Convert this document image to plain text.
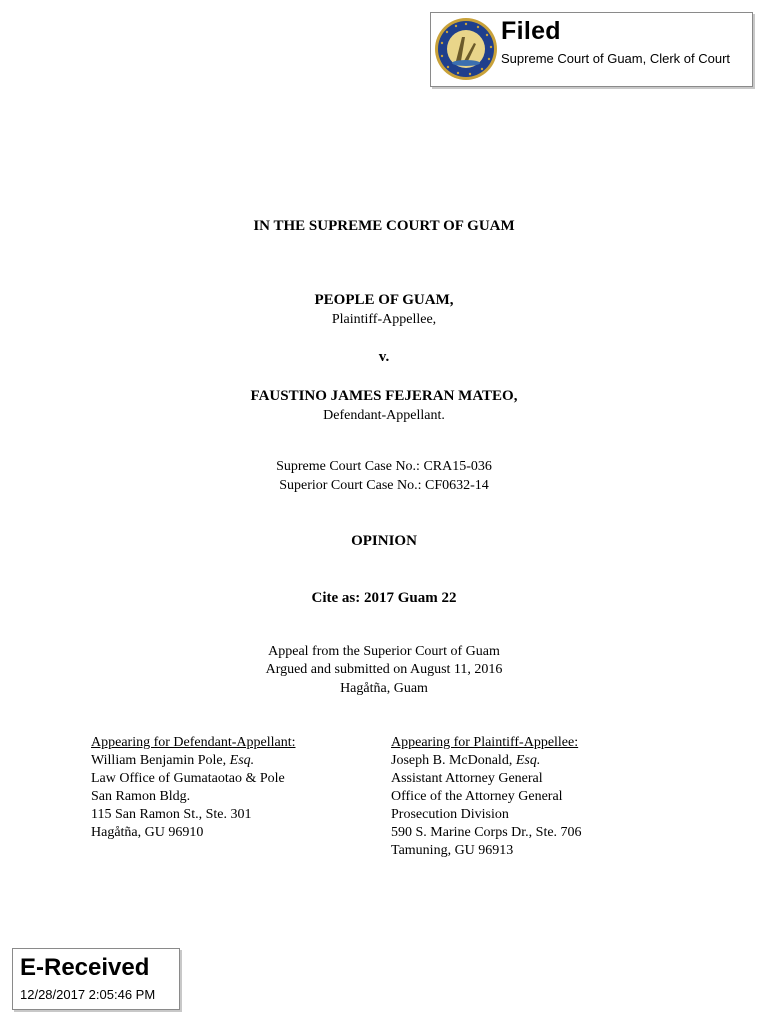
Filed
Supreme Court of Guam, Clerk of Court
IN THE SUPREME COURT OF GUAM
PEOPLE OF GUAM,
Plaintiff-Appellee,
v.
FAUSTINO JAMES FEJERAN MATEO,
Defendant-Appellant.
Supreme Court Case No.: CRA15-036
Superior Court Case No.: CF0632-14
OPINION
Cite as: 2017 Guam 22
Appeal from the Superior Court of Guam
Argued and submitted on August 11, 2016
Hagåtña, Guam
Appearing for Defendant-Appellant:
William Benjamin Pole, Esq.
Law Office of Gumataotao & Pole
San Ramon Bldg.
115 San Ramon St., Ste. 301
Hagåtña, GU 96910
Appearing for Plaintiff-Appellee:
Joseph B. McDonald, Esq.
Assistant Attorney General
Office of the Attorney General
Prosecution Division
590 S. Marine Corps Dr., Ste. 706
Tamuning, GU 96913
E-Received
12/28/2017 2:05:46 PM
